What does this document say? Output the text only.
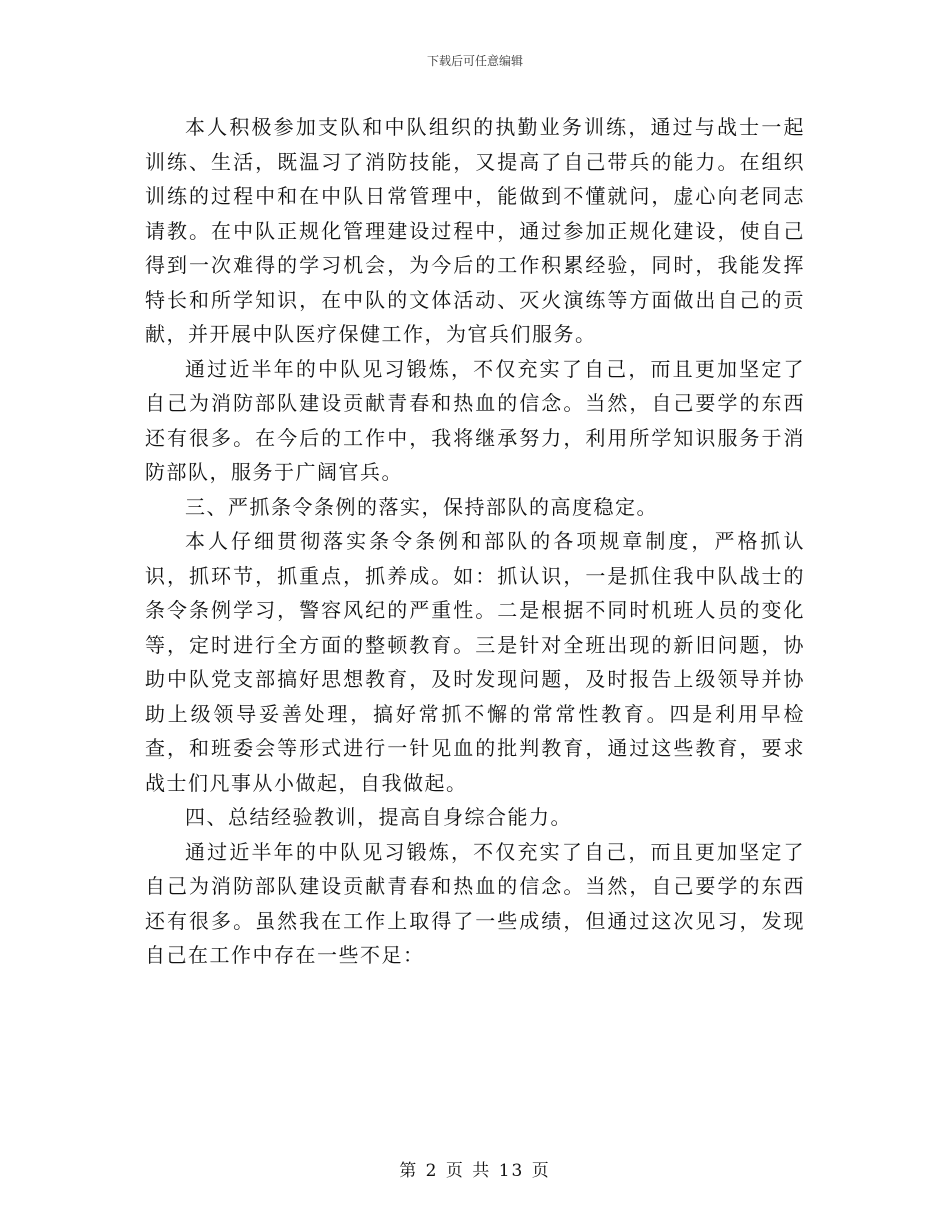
下载后可任意编辑

本人积极参加支队和中队组织的执勤业务训练，通过与战士一起训练、生活，既温习了消防技能，又提高了自己带兵的能力。在组织训练的过程中和在中队日常管理中，能做到不懂就问，虚心向老同志请教。在中队正规化管理建设过程中，通过参加正规化建设，使自己得到一次难得的学习机会，为今后的工作积累经验，同时，我能发挥特长和所学知识，在中队的文体活动、灭火演练等方面做出自己的贡献，并开展中队医疗保健工作，为官兵们服务。

通过近半年的中队见习锻炼，不仅充实了自己，而且更加坚定了自己为消防部队建设贡献青春和热血的信念。当然，自己要学的东西还有很多。在今后的工作中，我将继承努力，利用所学知识服务于消防部队，服务于广阔官兵。

三、严抓条令条例的落实，保持部队的高度稳定。

本人仔细贯彻落实条令条例和部队的各项规章制度，严格抓认识，抓环节，抓重点，抓养成。如：抓认识，一是抓住我中队战士的条令条例学习，警容风纪的严重性。二是根据不同时机班人员的变化等，定时进行全方面的整顿教育。三是针对全班出现的新旧问题，协助中队党支部搞好思想教育，及时发现问题，及时报告上级领导并协助上级领导妥善处理，搞好常抓不懈的常常性教育。四是利用早检查，和班委会等形式进行一针见血的批判教育，通过这些教育，要求战士们凡事从小做起，自我做起。

四、总结经验教训，提高自身综合能力。

通过近半年的中队见习锻炼，不仅充实了自己，而且更加坚定了自己为消防部队建设贡献青春和热血的信念。当然，自己要学的东西还有很多。虽然我在工作上取得了一些成绩，但通过这次见习，发现自己在工作中存在一些不足：

第 2 页 共 13 页
